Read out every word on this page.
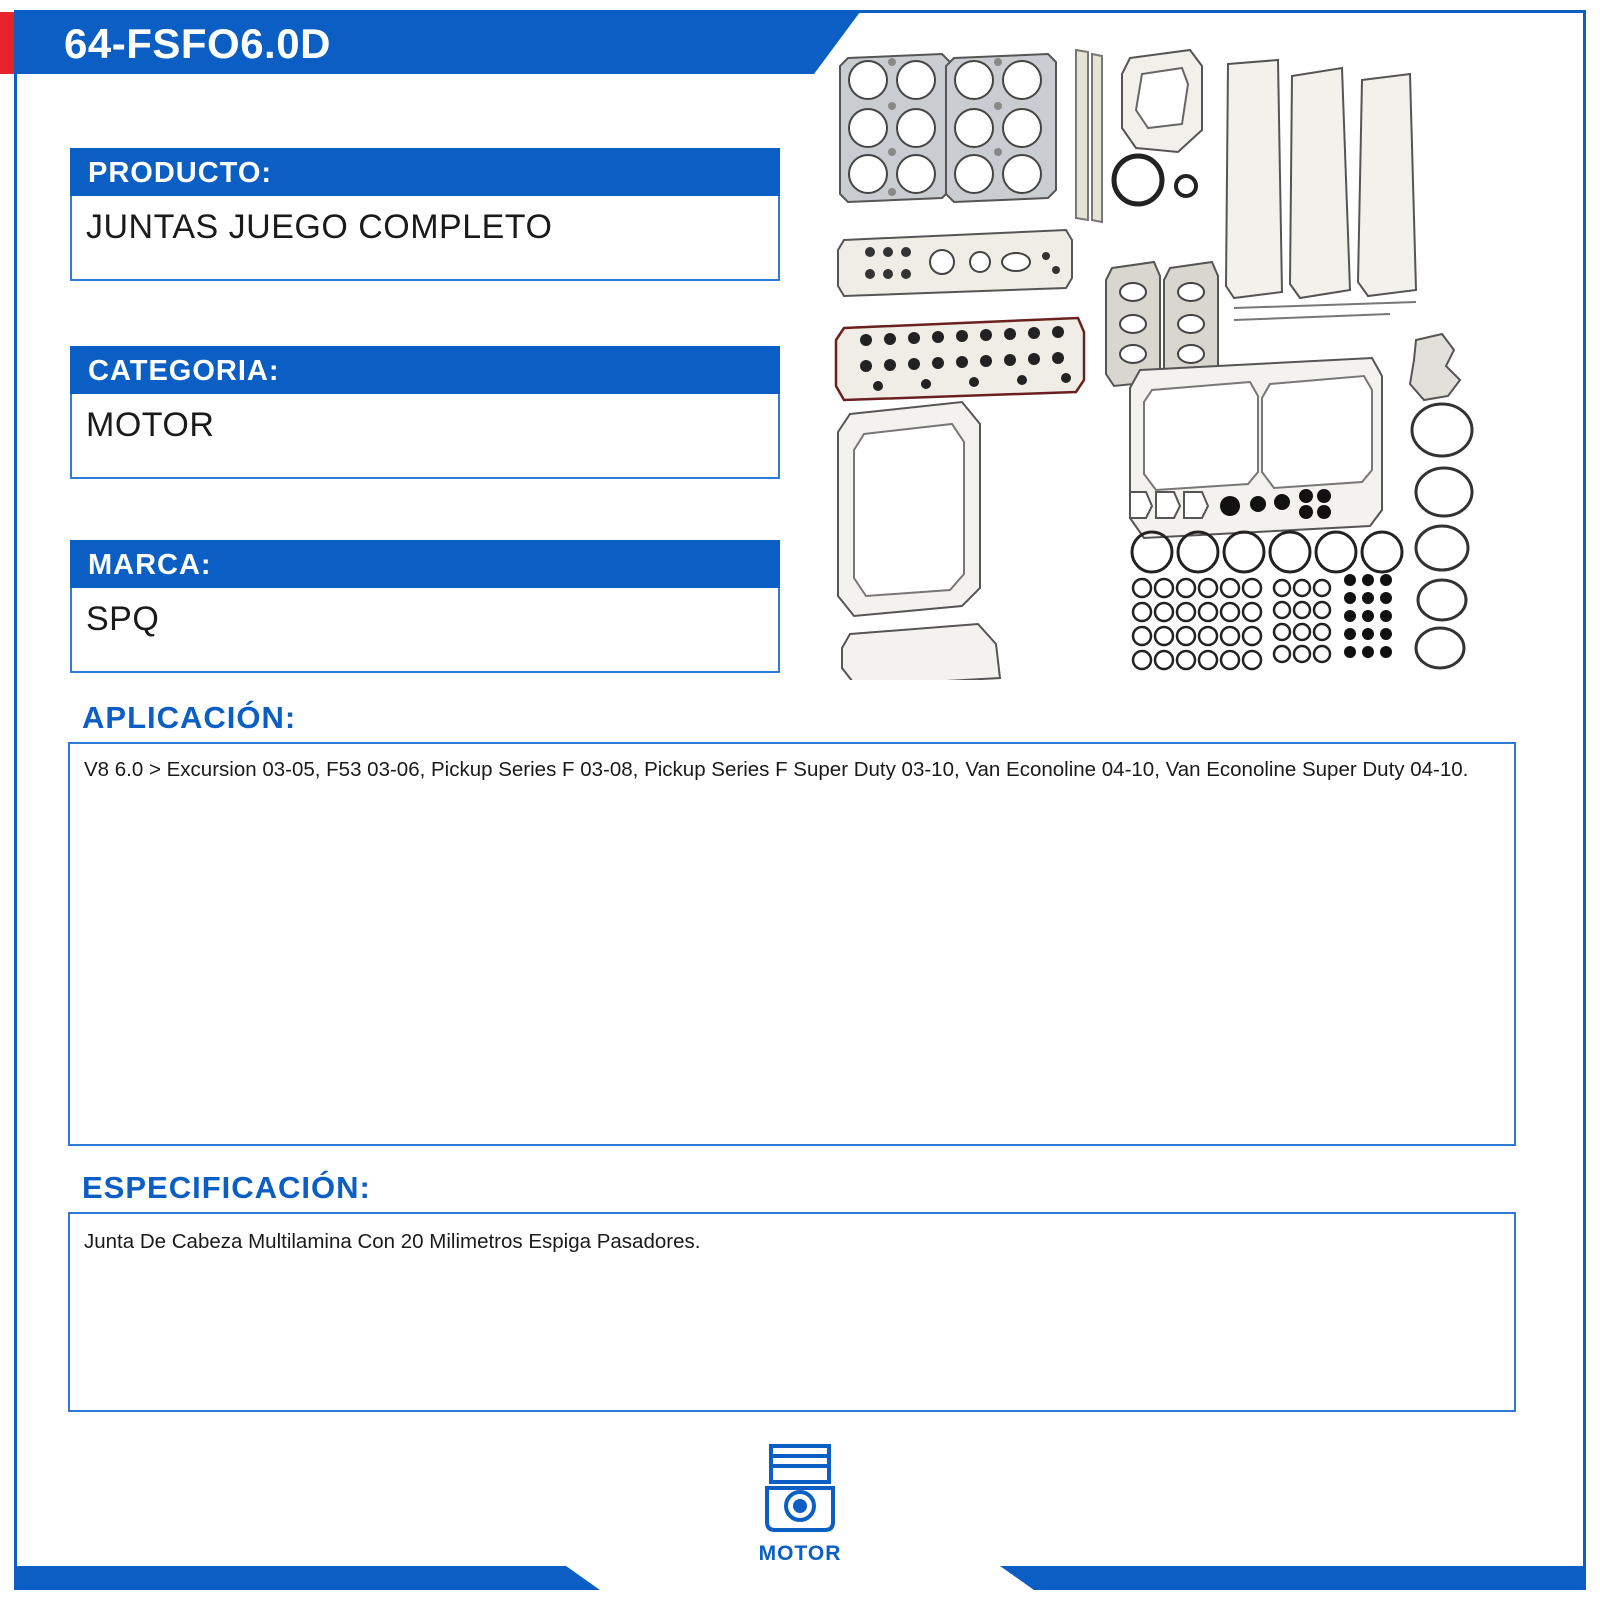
64-FSFO6.0D
PRODUCTO:
JUNTAS JUEGO COMPLETO
CATEGORIA:
MOTOR
MARCA:
SPQ
APLICACIÓN:
V8 6.0 > Excursion 03-05, F53 03-06, Pickup Series F 03-08, Pickup Series F Super Duty 03-10, Van Econoline 04-10, Van Econoline Super Duty 04-10.
ESPECIFICACIÓN:
Junta De Cabeza Multilamina Con 20 Milimetros Espiga Pasadores.
MOTOR
